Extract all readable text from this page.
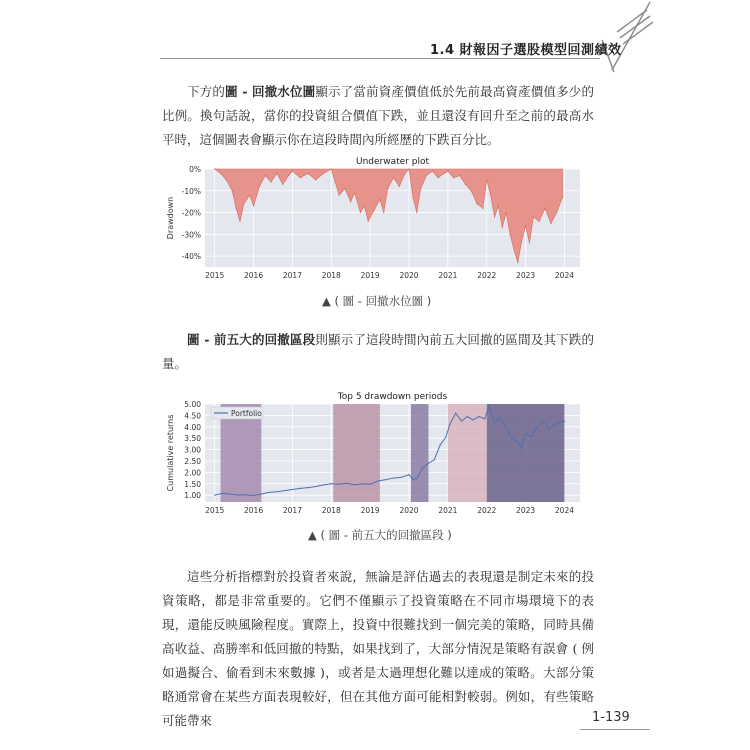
1.4 財報因子選股模型回測績效
下方的圖 - 回撤水位圖顯示了當前資產價值低於先前最高資產價值多少的比例。換句話說，當你的投資組合價值下跌，並且還沒有回升至之前的最高水平時，這個圖表會顯示你在這段時間內所經歷的下跌百分比。
Underwater plot
0%
-10%
-20%
-30%
-40%
2015	2016	2017	2018	2019	2020	2021	2022	2023	2024
Drawdown
▲ ( 圖 - 回撤水位圖 )
圖 - 前五大的回撤區段則顯示了這段時間內前五大回撤的區間及其下跌的量。
Top 5 drawdown periods
5.00
4.50
4.00
3.50
3.00
2.50
2.00
1.50
1.00
2015	2016	2017	2018	2019	2020	2021	2022	2023	2024
Cumulative returns
Portfolio
▲ ( 圖 - 前五大的回撤區段 )
這些分析指標對於投資者來說，無論是評估過去的表現還是制定未來的投資策略，都是非常重要的。它們不僅顯示了投資策略在不同市場環境下的表現，還能反映風險程度。實際上，投資中很難找到一個完美的策略，同時具備高收益、高勝率和低回撤的特點，如果找到了，大部分情況是策略有誤會 ( 例如過擬合、偷看到未來數據 )，或者是太過理想化難以達成的策略。大部分策略通常會在某些方面表現較好，但在其他方面可能相對較弱。例如，有些策略可能帶來	1-139
